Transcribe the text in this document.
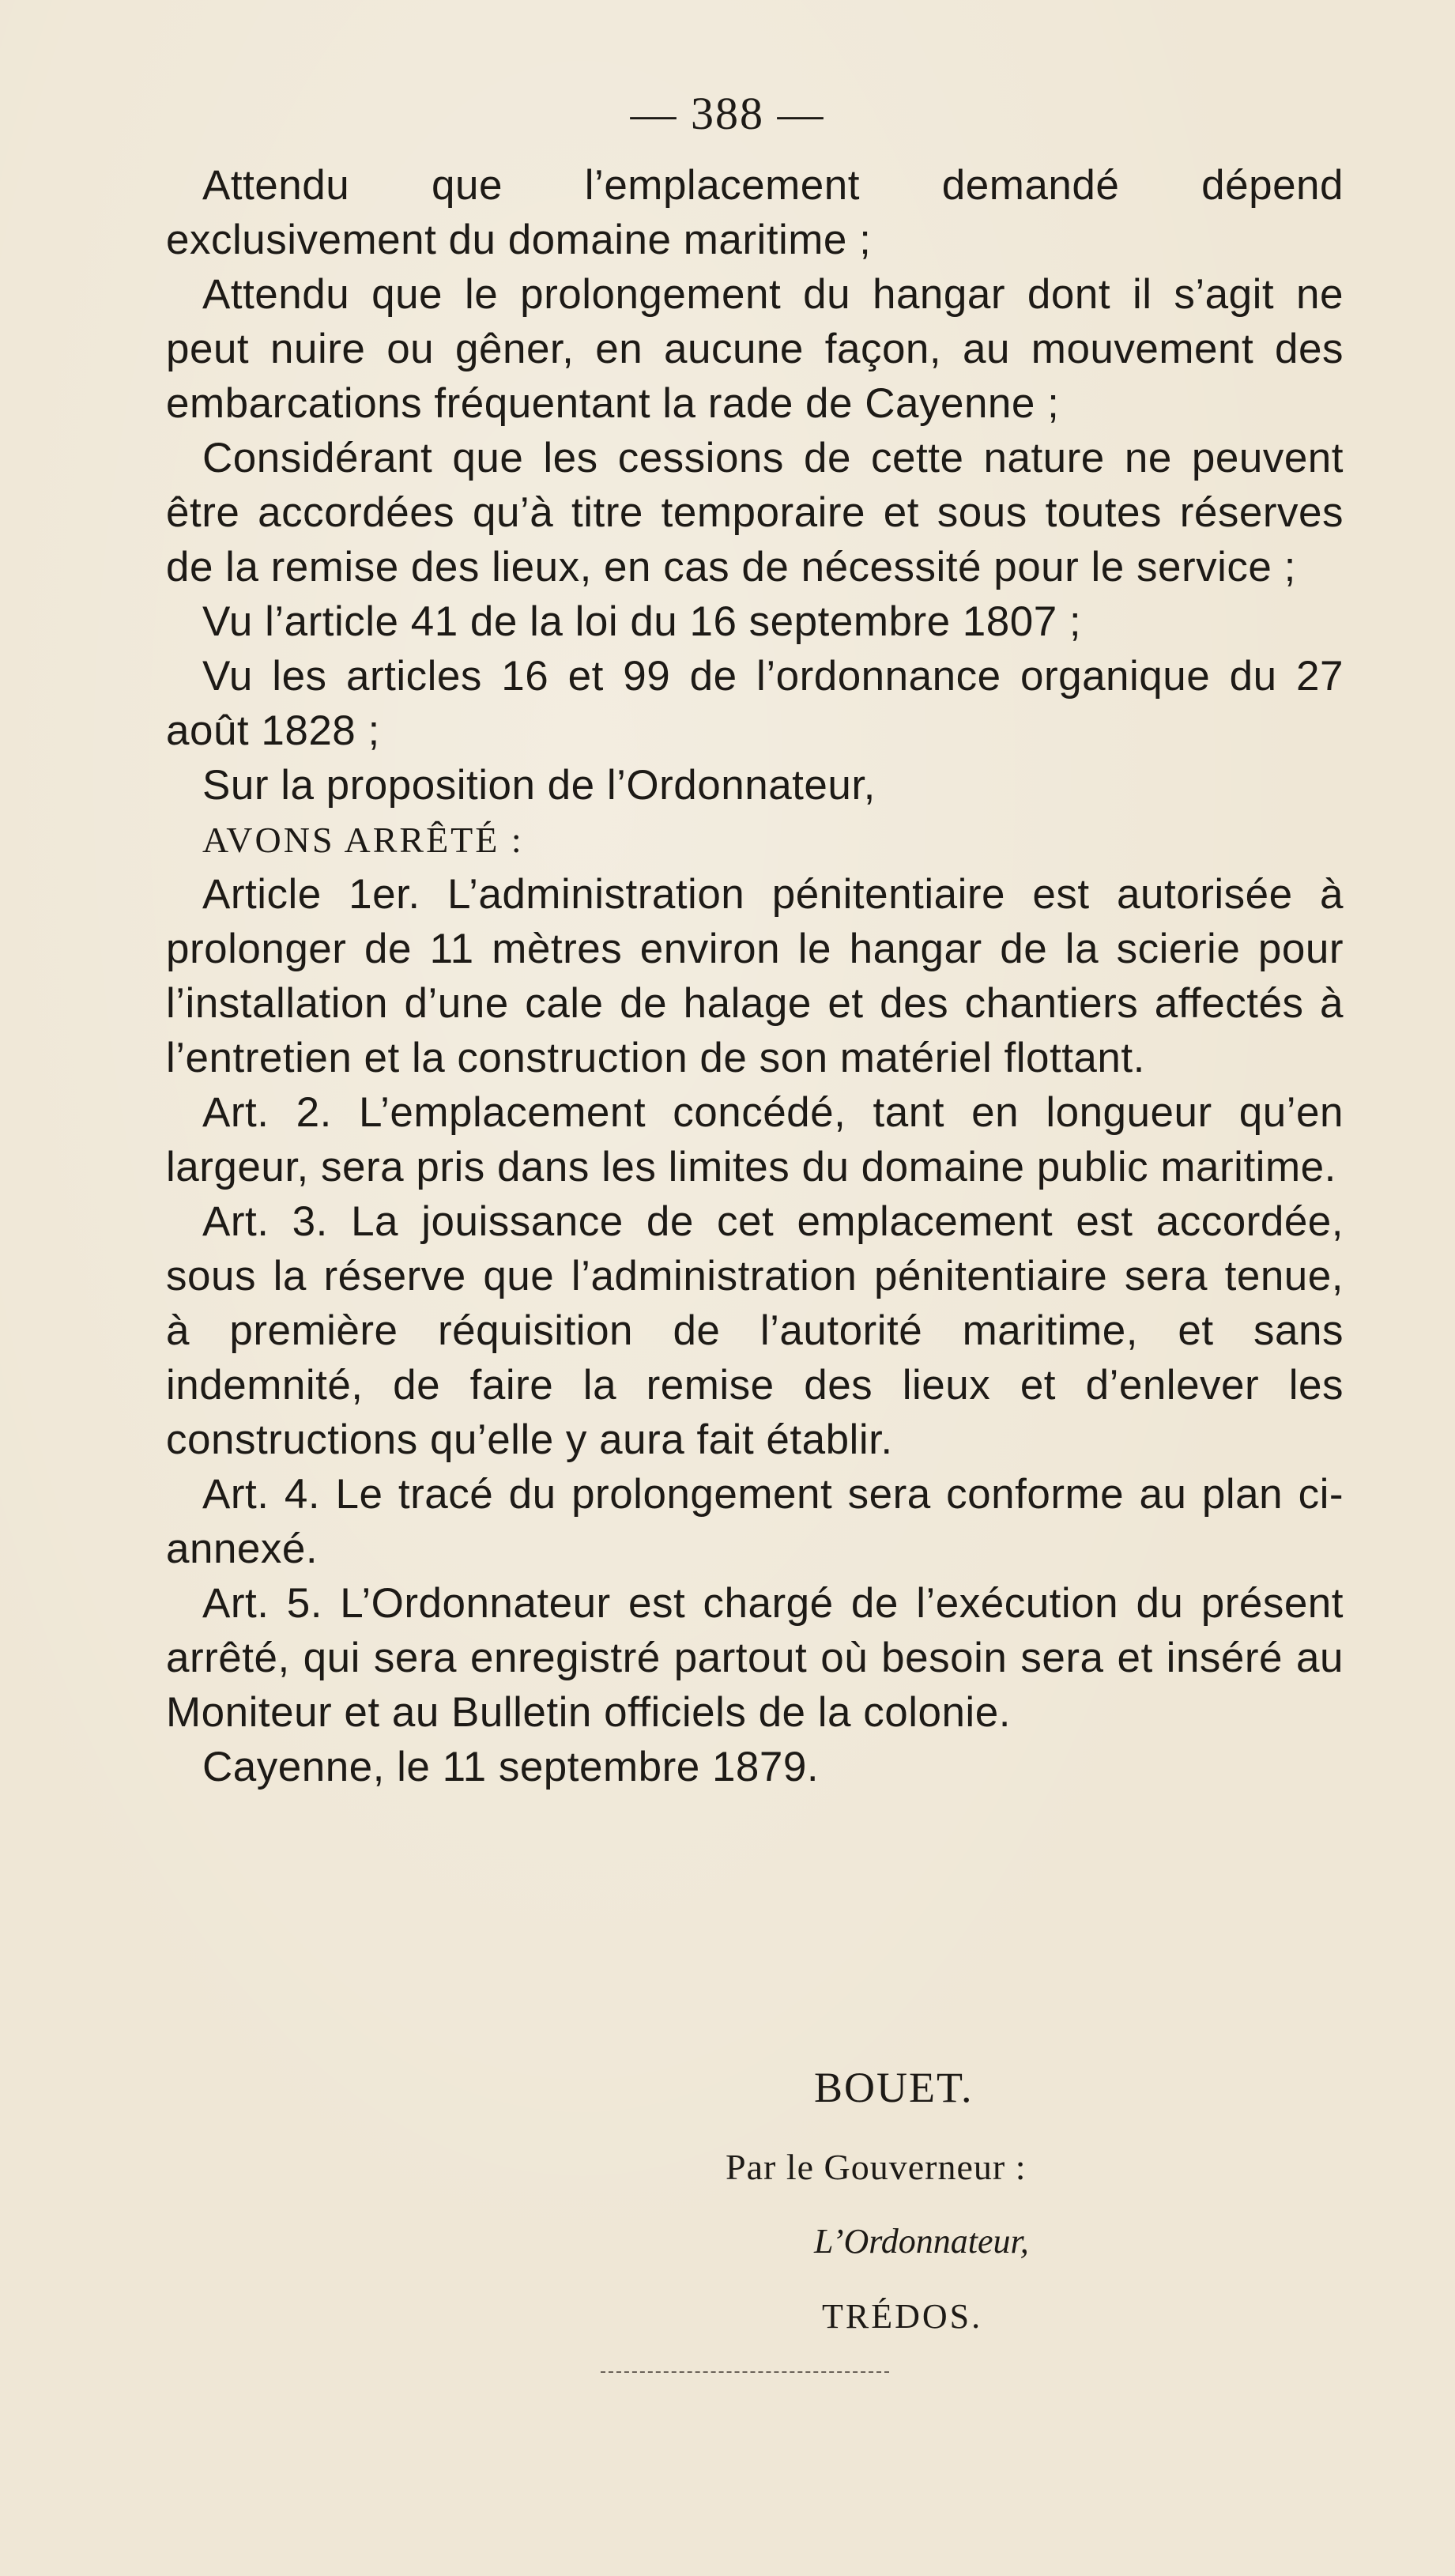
— 388 —

Attendu que l’emplacement demandé dépend exclusivement du domaine maritime ;

Attendu que le prolongement du hangar dont il s’agit ne peut nuire ou gêner, en aucune façon, au mouvement des embarcations fréquentant la rade de Cayenne ;

Considérant que les cessions de cette nature ne peuvent être accordées qu’à titre temporaire et sous toutes réserves de la remise des lieux, en cas de nécessité pour le service ;

Vu l’article 41 de la loi du 16 septembre 1807 ;

Vu les articles 16 et 99 de l’ordonnance organique du 27 août 1828 ;

Sur la proposition de l’Ordonnateur,

AVONS ARRÊTÉ :

Article 1er. L’administration pénitentiaire est autorisée à prolonger de 11 mètres environ le hangar de la scierie pour l’installation d’une cale de halage et des chantiers affectés à l’entretien et la construction de son matériel flottant.

Art. 2. L’emplacement concédé, tant en longueur qu’en largeur, sera pris dans les limites du domaine public maritime.

Art. 3. La jouissance de cet emplacement est accordée, sous la réserve que l’administration pénitentiaire sera tenue, à première réquisition de l’autorité maritime, et sans indemnité, de faire la remise des lieux et d’enlever les constructions qu’elle y aura fait établir.

Art. 4. Le tracé du prolongement sera conforme au plan ci-annexé.

Art. 5. L’Ordonnateur est chargé de l’exécution du présent arrêté, qui sera enregistré partout où besoin sera et inséré au Moniteur et au Bulletin officiels de la colonie.

Cayenne, le 11 septembre 1879.

BOUET.
Par le Gouverneur :
L’Ordonnateur,
TRÉDOS.
